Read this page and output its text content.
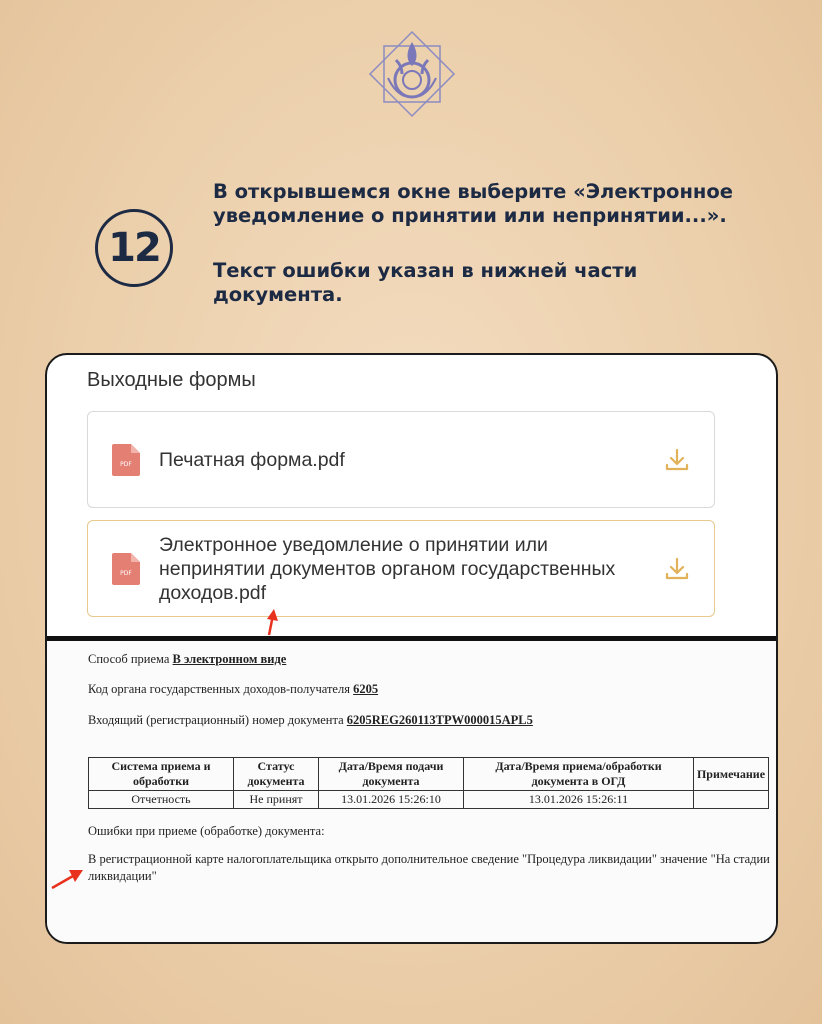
12

В открывшемся окне выберите «Электронное уведомление о принятии или непринятии...».

Текст ошибки указан в нижней части документа.

Выходные формы
PDF Печатная форма.pdf
PDF
Электронное уведомление о принятии или непринятии документов органом государственных доходов.pdf

Способ приема В электронном виде

Код органа государственных доходов-получателя 6205

Входящий (регистрационный) номер документа 6205REG260113TPW000015APL5

Система приема и обработки	Статус документа	Дата/Время подачи документа	Дата/Время приема/обработки документа в ОГД	Примечание
Отчетность	Не принят	13.01.2026 15:26:10	13.01.2026 15:26:11	

Ошибки при приеме (обработке) документа:

В регистрационной карте налогоплательщика открыто дополнительное сведение "Процедура ликвидации" значение "На стадии ликвидации"
